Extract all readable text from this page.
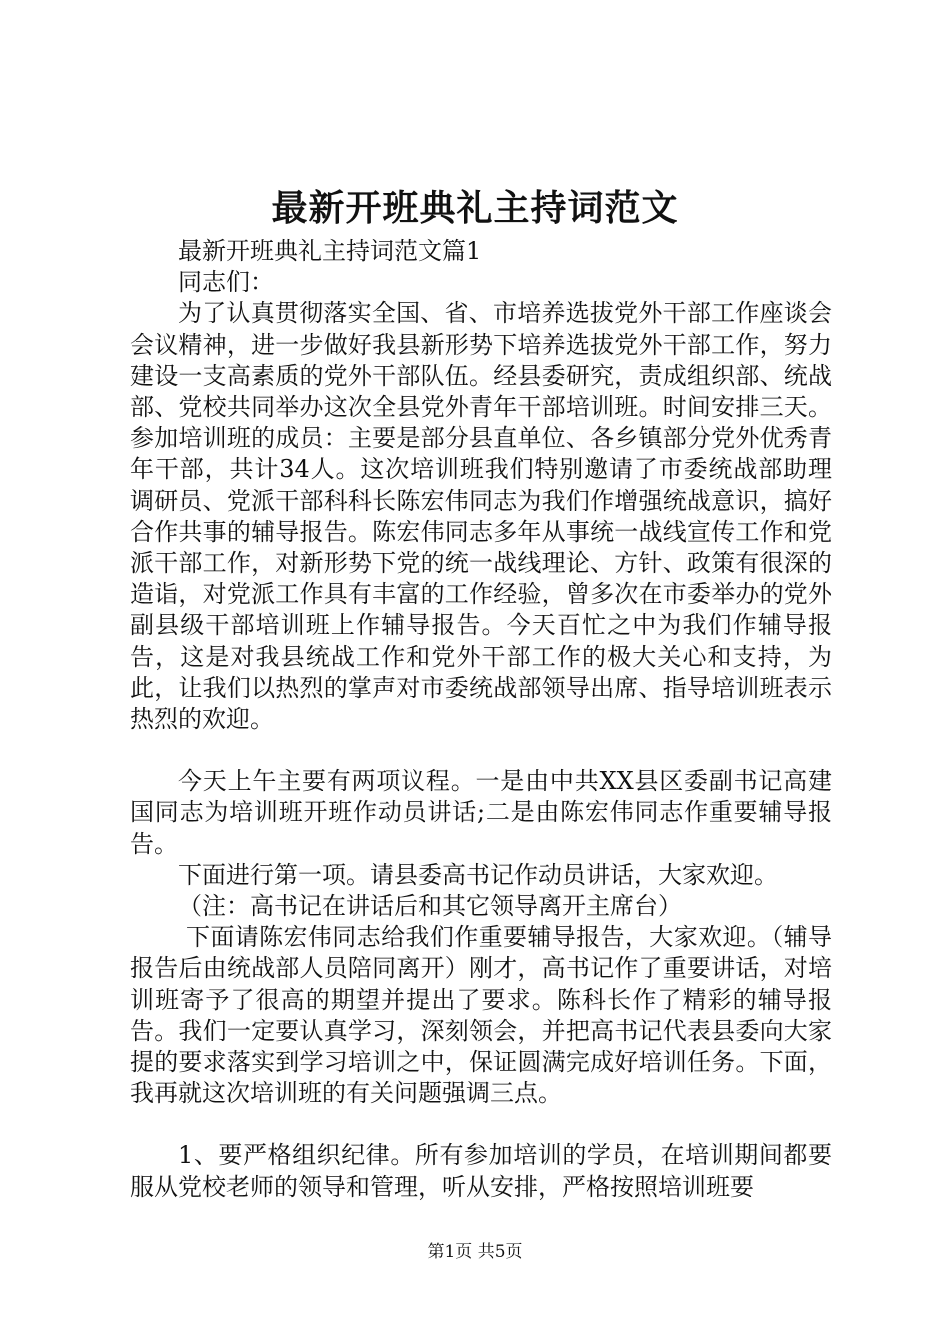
最新开班典礼主持词范文

最新开班典礼主持词范文篇1

同志们：

为了认真贯彻落实全国、省、市培养选拔党外干部工作座谈会会议精神，进一步做好我县新形势下培养选拔党外干部工作，努力建设一支高素质的党外干部队伍。经县委研究，责成组织部、统战部、党校共同举办这次全县党外青年干部培训班。时间安排三天。参加培训班的成员：主要是部分县直单位、各乡镇部分党外优秀青年干部，共计34人。这次培训班我们特别邀请了市委统战部助理调研员、党派干部科科长陈宏伟同志为我们作增强统战意识，搞好合作共事的辅导报告。陈宏伟同志多年从事统一战线宣传工作和党派干部工作，对新形势下党的统一战线理论、方针、政策有很深的造诣，对党派工作具有丰富的工作经验，曾多次在市委举办的党外副县级干部培训班上作辅导报告。今天百忙之中为我们作辅导报告，这是对我县统战工作和党外干部工作的极大关心和支持，为此，让我们以热烈的掌声对市委统战部领导出席、指导培训班表示热烈的欢迎。

今天上午主要有两项议程。一是由中共XX县区委副书记高建国同志为培训班开班作动员讲话;二是由陈宏伟同志作重要辅导报告。

下面进行第一项。请县委高书记作动员讲话，大家欢迎。

（注：高书记在讲话后和其它领导离开主席台）

下面请陈宏伟同志给我们作重要辅导报告，大家欢迎。（辅导报告后由统战部人员陪同离开）刚才，高书记作了重要讲话，对培训班寄予了很高的期望并提出了要求。陈科长作了精彩的辅导报告。我们一定要认真学习，深刻领会，并把高书记代表县委向大家提的要求落实到学习培训之中，保证圆满完成好培训任务。下面，我再就这次培训班的有关问题强调三点。

1、要严格组织纪律。所有参加培训的学员，在培训期间都要服从党校老师的领导和管理，听从安排，严格按照培训班要

第1页 共5页
